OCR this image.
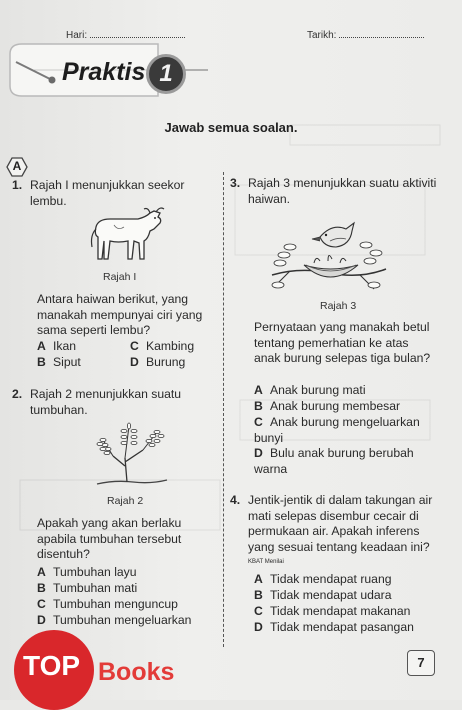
Hari:	Tarikh:
Praktis 1
Jawab semua soalan.
A
1. Rajah I menunjukkan seekor lembu.
Rajah I
Antara haiwan berikut, yang manakah mempunyai ciri yang sama seperti lembu?
A Ikan	C Kambing
B Siput	D Burung
2. Rajah 2 menunjukkan suatu tumbuhan.
Rajah 2
Apakah yang akan berlaku apabila tumbuhan tersebut disentuh?
A Tumbuhan layu
B Tumbuhan mati
C Tumbuhan menguncup
D Tumbuhan mengeluarkan
3. Rajah 3 menunjukkan suatu aktiviti haiwan.
Rajah 3
Pernyataan yang manakah betul tentang pemerhatian ke atas anak burung selepas tiga bulan?
A Anak burung mati
B Anak burung membesar
C Anak burung mengeluarkan bunyi
D Bulu anak burung berubah warna
4. Jentik-jentik di dalam takungan air mati selepas disembur cecair di permukaan air. Apakah inferens yang sesuai tentang keadaan ini? KBAT Menilai
A Tidak mendapat ruang
B Tidak mendapat udara
C Tidak mendapat makanan
D Tidak mendapat pasangan
TOP Books	7
